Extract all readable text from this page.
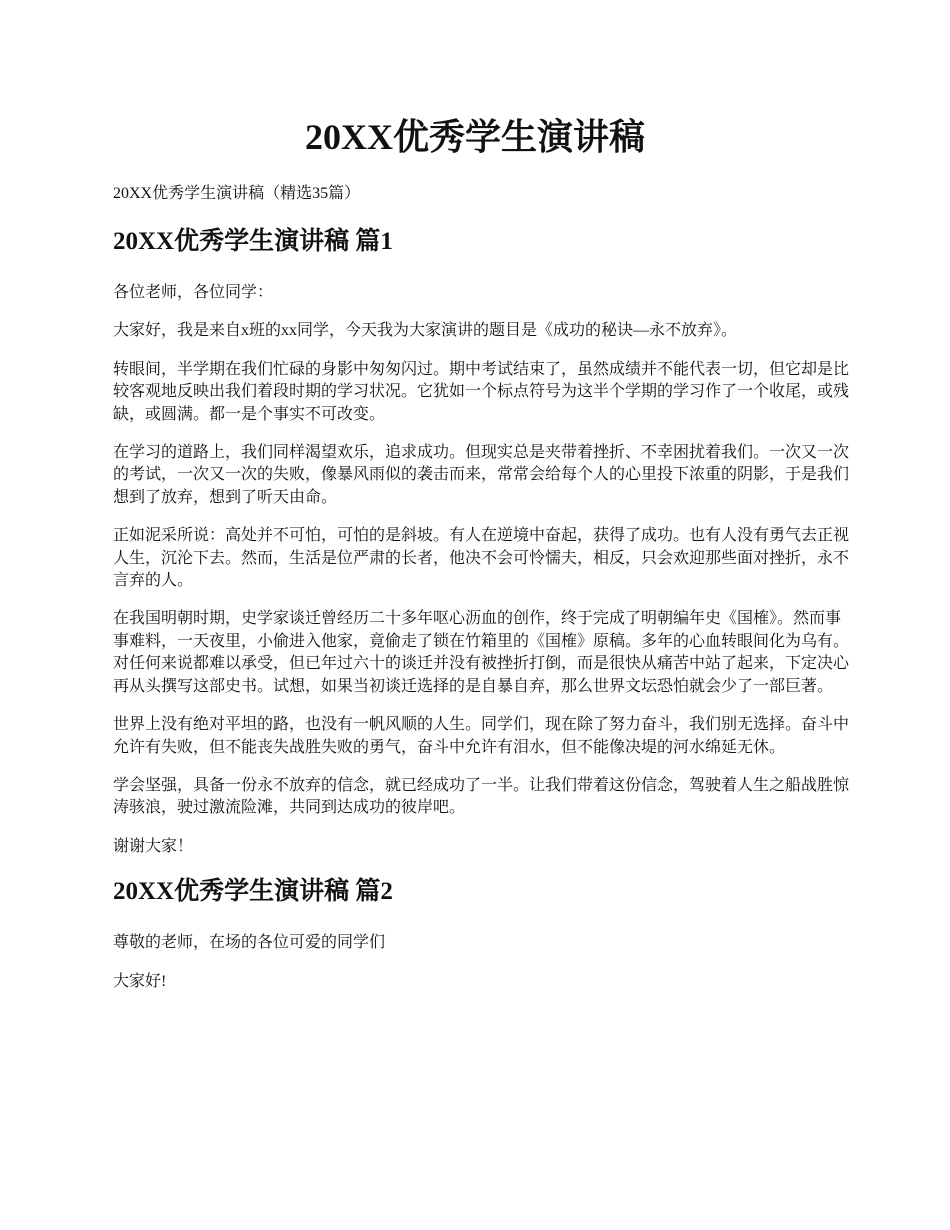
20XX优秀学生演讲稿

20XX优秀学生演讲稿（精选35篇）

20XX优秀学生演讲稿 篇1

各位老师，各位同学：

大家好，我是来自x班的xx同学，今天我为大家演讲的题目是《成功的秘诀—永不放弃》。

转眼间，半学期在我们忙碌的身影中匆匆闪过。期中考试结束了，虽然成绩并不能代表一切，但它却是比较客观地反映出我们着段时期的学习状况。它犹如一个标点符号为这半个学期的学习作了一个收尾，或残缺，或圆满。都一是个事实不可改变。

在学习的道路上，我们同样渴望欢乐，追求成功。但现实总是夹带着挫折、不幸困扰着我们。一次又一次的考试，一次又一次的失败，像暴风雨似的袭击而来，常常会给每个人的心里投下浓重的阴影，于是我们想到了放弃，想到了听天由命。

正如泥采所说：高处并不可怕，可怕的是斜坡。有人在逆境中奋起，获得了成功。也有人没有勇气去正视人生，沉沦下去。然而，生活是位严肃的长者，他决不会可怜懦夫，相反，只会欢迎那些面对挫折，永不言弃的人。

在我国明朝时期，史学家谈迁曾经历二十多年呕心沥血的创作，终于完成了明朝编年史《国榷》。然而事事难料，一天夜里，小偷进入他家，竟偷走了锁在竹箱里的《国榷》原稿。多年的心血转眼间化为乌有。对任何来说都难以承受，但已年过六十的谈迁并没有被挫折打倒，而是很快从痛苦中站了起来，下定决心再从头撰写这部史书。试想，如果当初谈迁选择的是自暴自弃，那么世界文坛恐怕就会少了一部巨著。

世界上没有绝对平坦的路，也没有一帆风顺的人生。同学们，现在除了努力奋斗，我们别无选择。奋斗中允许有失败，但不能丧失战胜失败的勇气，奋斗中允许有泪水，但不能像决堤的河水绵延无休。

学会坚强，具备一份永不放弃的信念，就已经成功了一半。让我们带着这份信念，驾驶着人生之船战胜惊涛骇浪，驶过激流险滩，共同到达成功的彼岸吧。

谢谢大家！

20XX优秀学生演讲稿 篇2

尊敬的老师，在场的各位可爱的同学们

大家好!
